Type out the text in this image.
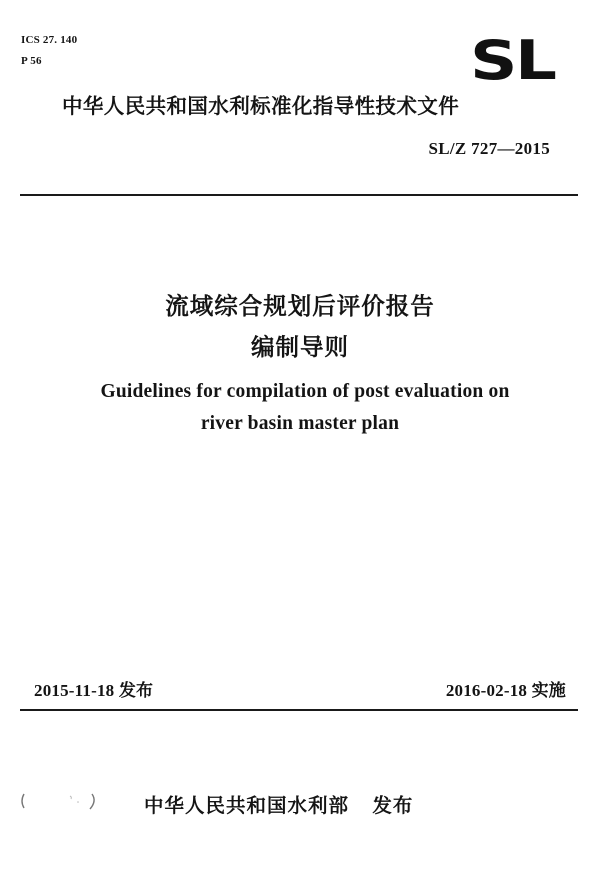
ICS 27. 140
P 56	SL
中华人民共和国水利标准化指导性技术文件
SL/Z 727—2015
流域综合规划后评价报告
编制导则
Guidelines for compilation of post evaluation on
river basin master plan
2015-11-18 发布	2016-02-18 实施
中华人民共和国水利部   发布
